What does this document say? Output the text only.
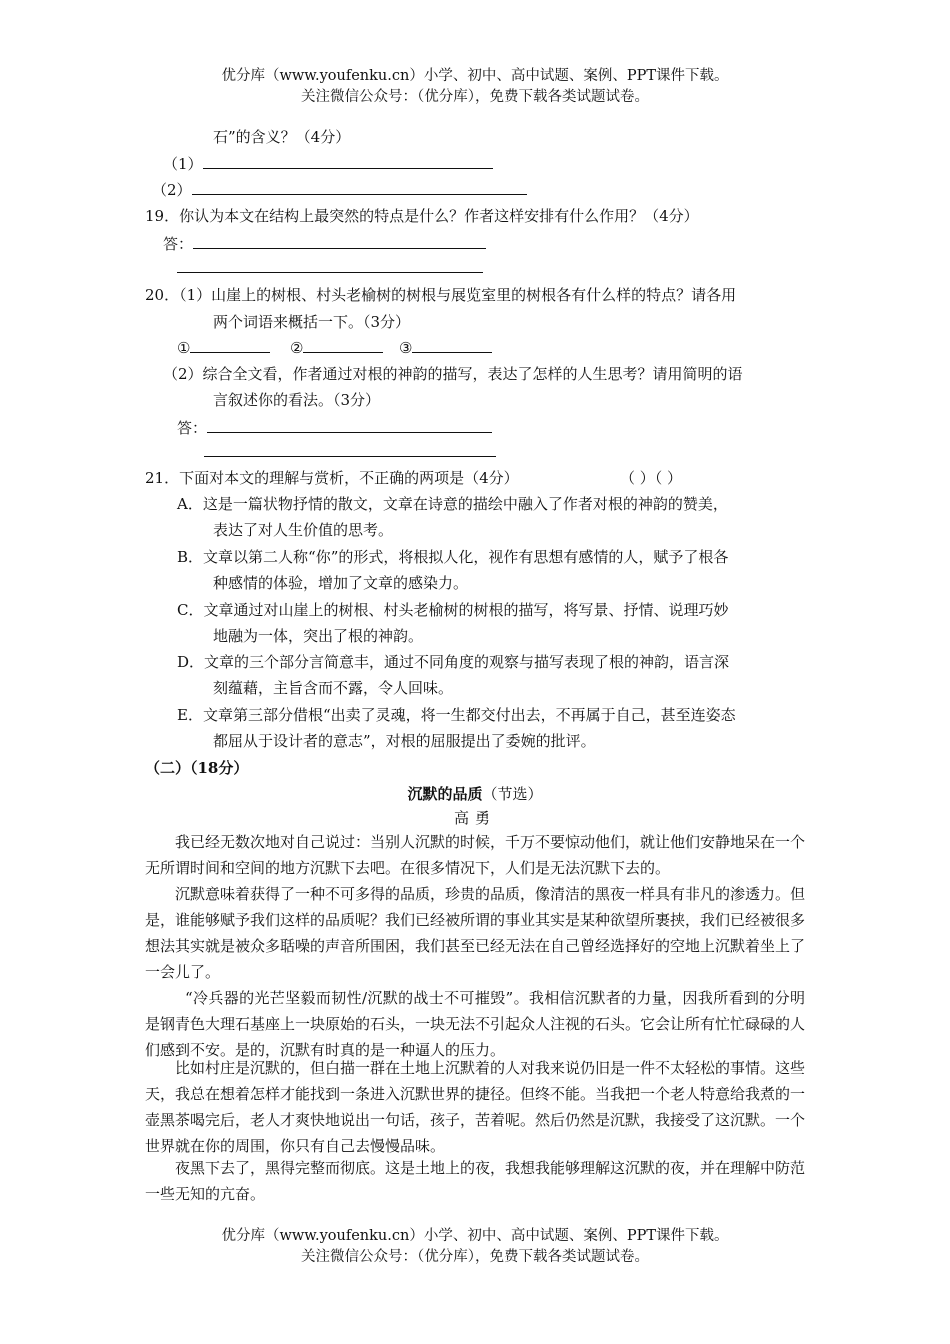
优分库（www.youfenku.cn）小学、初中、高中试题、案例、PPT课件下载。
关注微信公众号：（优分库），免费下载各类试题试卷。
石”的含义？（4分）
（1）
（2）
19．你认为本文在结构上最突然的特点是什么？作者这样安排有什么作用？（4分）
答：
20．（1）山崖上的树根、村头老榆树的树根与展览室里的树根各有什么样的特点？请各用
两个词语来概括一下。（3分）
①	②	③
（2）综合全文看，作者通过对根的神韵的描写，表达了怎样的人生思考？请用简明的语
言叙述你的看法。（3分）
答：
21．下面对本文的理解与赏析，不正确的两项是（4分）	（ ）（ ）
A．这是一篇状物抒情的散文，文章在诗意的描绘中融入了作者对根的神韵的赞美，
表达了对人生价值的思考。
B．文章以第二人称“你”的形式，将根拟人化，视作有思想有感情的人，赋予了根各
种感情的体验，增加了文章的感染力。
C．文章通过对山崖上的树根、村头老榆树的树根的描写，将写景、抒情、说理巧妙
地融为一体，突出了根的神韵。
D．文章的三个部分言简意丰，通过不同角度的观察与描写表现了根的神韵，语言深
刻蕴藉，主旨含而不露，令人回味。
E．文章第三部分借根“出卖了灵魂，将一生都交付出去，不再属于自己，甚至连姿态
都屈从于设计者的意志”，对根的屈服提出了委婉的批评。
（二）（18分）
沉默的品质（节选）
高勇
我已经无数次地对自己说过：当别人沉默的时候，千万不要惊动他们，就让他们安静地呆在一个无所谓时间和空间的地方沉默下去吧。在很多情况下，人们是无法沉默下去的。
沉默意味着获得了一种不可多得的品质，珍贵的品质，像清洁的黑夜一样具有非凡的渗透力。但是，谁能够赋予我们这样的品质呢？我们已经被所谓的事业其实是某种欲望所裹挟，我们已经被很多想法其实就是被众多聒噪的声音所围困，我们甚至已经无法在自己曾经选择好的空地上沉默着坐上了一会儿了。
“冷兵器的光芒坚毅而韧性/沉默的战士不可摧毁”。我相信沉默者的力量，因我所看到的分明是钢青色大理石基座上一块原始的石头，一块无法不引起众人注视的石头。它会让所有忙忙碌碌的人们感到不安。是的，沉默有时真的是一种逼人的压力。
比如村庄是沉默的，但白描一群在土地上沉默着的人对我来说仍旧是一件不太轻松的事情。这些天，我总在想着怎样才能找到一条进入沉默世界的捷径。但终不能。当我把一个老人特意给我煮的一壶黑茶喝完后，老人才爽快地说出一句话，孩子，苦着呢。然后仍然是沉默，我接受了这沉默。一个世界就在你的周围，你只有自己去慢慢品味。
夜黑下去了，黑得完整而彻底。这是土地上的夜，我想我能够理解这沉默的夜，并在理解中防范一些无知的亢奋。
优分库（www.youfenku.cn）小学、初中、高中试题、案例、PPT课件下载。
关注微信公众号：（优分库），免费下载各类试题试卷。
